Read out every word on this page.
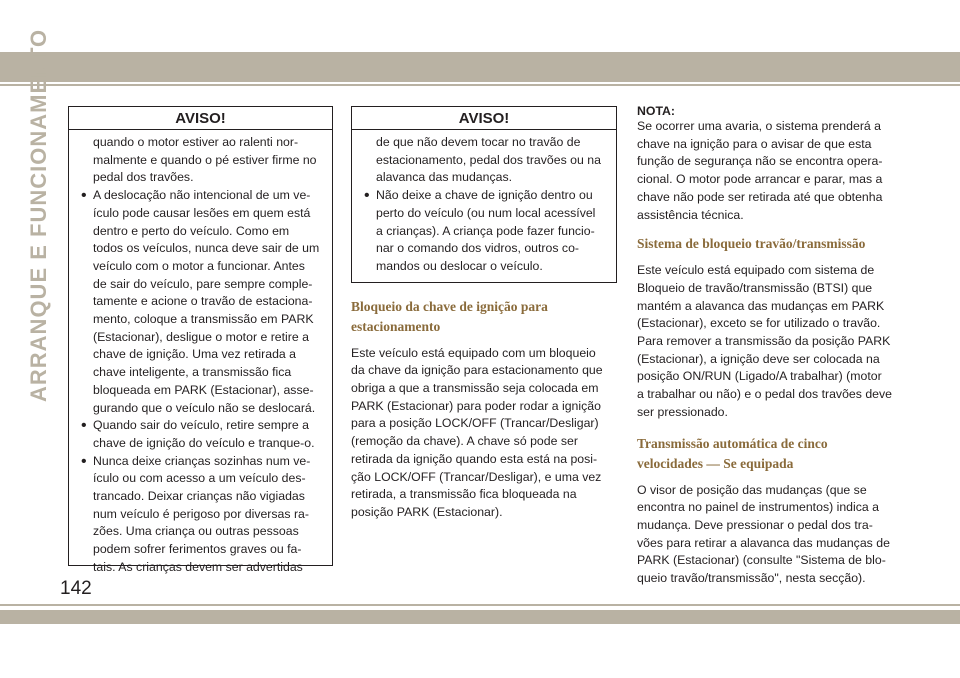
ARRANQUE E FUNCIONAMENTO
142
AVISO!

quando o motor estiver ao ralenti nor-

malmente e quando o pé estiver firme no

pedal dos travões.

• A deslocação não intencional de um ve-

ículo pode causar lesões em quem está

dentro e perto do veículo. Como em

todos os veículos, nunca deve sair de um

veículo com o motor a funcionar. Antes

de sair do veículo, pare sempre comple-

tamente e acione o travão de estaciona-

mento, coloque a transmissão em PARK

(Estacionar), desligue o motor e retire a

chave de ignição. Uma vez retirada a

chave inteligente, a transmissão fica

bloqueada em PARK (Estacionar), asse-

gurando que o veículo não se deslocará.

• Quando sair do veículo, retire sempre a

chave de ignição do veículo e tranque-o.

• Nunca deixe crianças sozinhas num ve-

ículo ou com acesso a um veículo des-

trancado. Deixar crianças não vigiadas

num veículo é perigoso por diversas ra-

zões. Uma criança ou outras pessoas

podem sofrer ferimentos graves ou fa-

tais. As crianças devem ser advertidas

AVISO!

de que não devem tocar no travão de

estacionamento, pedal dos travões ou na

alavanca das mudanças.

• Não deixe a chave de ignição dentro ou

perto do veículo (ou num local acessível

a crianças). A criança pode fazer funcio-

nar o comando dos vidros, outros co-

mandos ou deslocar o veículo.

Bloqueio da chave de ignição para

estacionamento

Este veículo está equipado com um bloqueio

da chave da ignição para estacionamento que

obriga a que a transmissão seja colocada em

PARK (Estacionar) para poder rodar a ignição

para a posição LOCK/OFF (Trancar/Desligar)

(remoção da chave). A chave só pode ser

retirada da ignição quando esta está na posi-

ção LOCK/OFF (Trancar/Desligar), e uma vez

retirada, a transmissão fica bloqueada na

posição PARK (Estacionar).

NOTA:

Se ocorrer uma avaria, o sistema prenderá a

chave na ignição para o avisar de que esta

função de segurança não se encontra opera-

cional. O motor pode arrancar e parar, mas a

chave não pode ser retirada até que obtenha

assistência técnica.

Sistema de bloqueio travão/transmissão

Este veículo está equipado com sistema de

Bloqueio de travão/transmissão (BTSI) que

mantém a alavanca das mudanças em PARK

(Estacionar), exceto se for utilizado o travão.

Para remover a transmissão da posição PARK

(Estacionar), a ignição deve ser colocada na

posição ON/RUN (Ligado/A trabalhar) (motor

a trabalhar ou não) e o pedal dos travões deve

ser pressionado.

Transmissão automática de cinco

velocidades — Se equipada

O visor de posição das mudanças (que se

encontra no painel de instrumentos) indica a

mudança. Deve pressionar o pedal dos tra-

vões para retirar a alavanca das mudanças de

PARK (Estacionar) (consulte "Sistema de blo-

queio travão/transmissão", nesta secção).
